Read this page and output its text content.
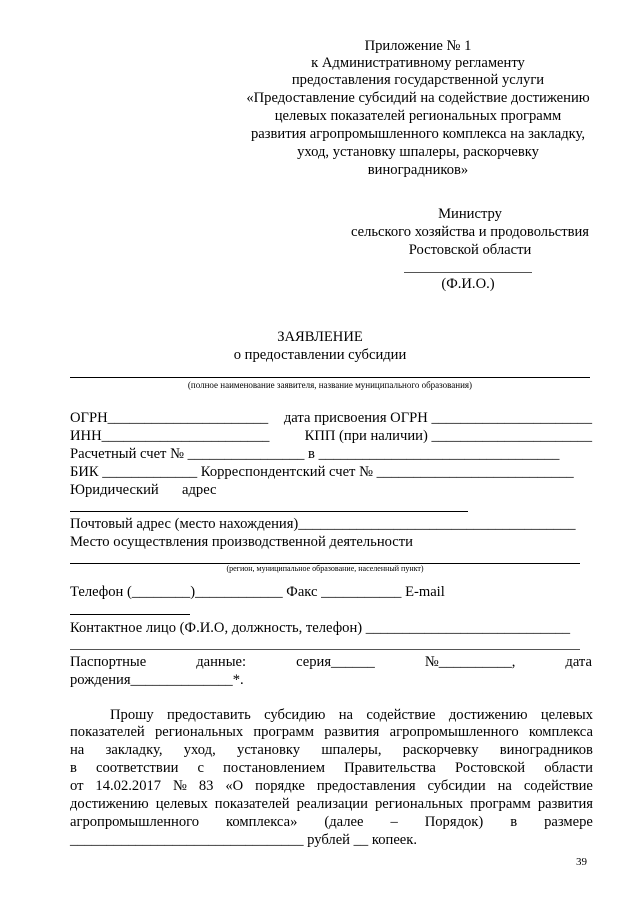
Приложение № 1
к Административному регламенту
предоставления государственной услуги
«Предоставление субсидий на содействие достижению
целевых показателей региональных программ
развития агропромышленного комплекса на закладку,
уход, установку шпалеры, раскорчевку
виноградников»
Министру
сельского хозяйства и продовольствия
Ростовской области
(Ф.И.О.)
ЗАЯВЛЕНИЕ
о предоставлении субсидии
(полное наименование заявителя, название муниципального образования)
ОГРН______________________ дата присвоения ОГРН ______________________
ИНН_______________________ КПП (при наличии) ______________________
Расчетный счет № ________________ в _________________________________
БИК _____________ Корреспондентский счет № ___________________________
Юридический адрес
Почтовый адрес (место нахождения)______________________________________
Место осуществления производственной деятельности
(регион, муниципальное образование, населенный пункт)
Телефон (________)____________ Факс ___________ E-mail
Контактное лицо (Ф.И.О, должность, телефон) ____________________________
Паспортные	данные:	серия______	№__________,	дата
рождения______________*.
Прошу предоставить субсидию на содействие достижению целевых
показателей региональных программ развития агропромышленного комплекса
на закладку, уход, установку шпалеры, раскорчевку виноградников
в соответствии с постановлением Правительства Ростовской области
от 14.02.2017 № 83 «О порядке предоставления субсидии на содействие
достижению целевых показателей реализации региональных программ развития
агропромышленного комплекса» (далее – Порядок) в размере
________________________________ рублей __ копеек.
39
